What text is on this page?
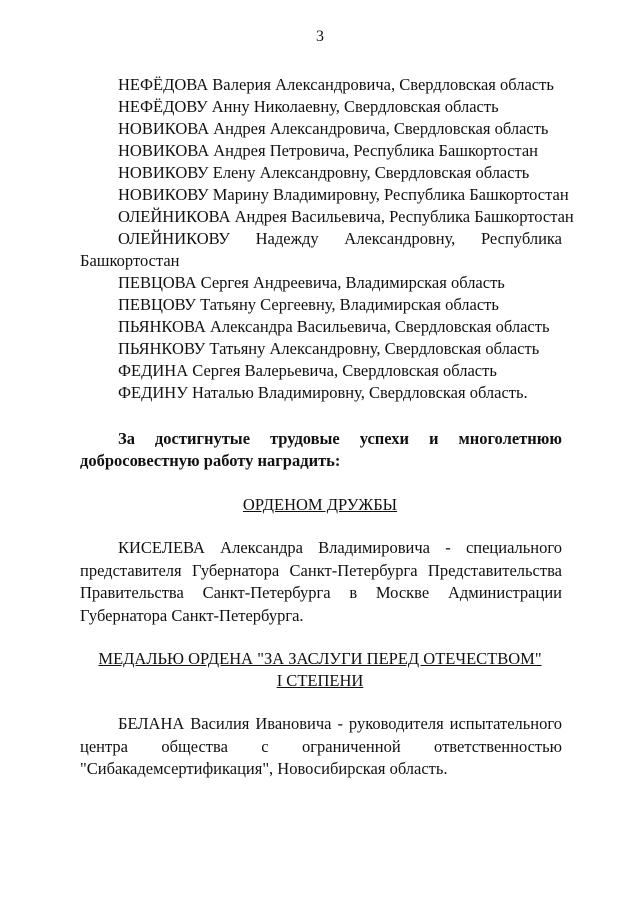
3
НЕФЁДОВА Валерия Александровича, Свердловская область
НЕФЁДОВУ Анну Николаевну, Свердловская область
НОВИКОВА Андрея Александровича, Свердловская область
НОВИКОВА Андрея Петровича, Республика Башкортостан
НОВИКОВУ Елену Александровну, Свердловская область
НОВИКОВУ Марину Владимировну, Республика Башкортостан
ОЛЕЙНИКОВА Андрея Васильевича, Республика Башкортостан
ОЛЕЙНИКОВУ Надежду Александровну, Республика
Башкортостан
ПЕВЦОВА Сергея Андреевича, Владимирская область
ПЕВЦОВУ Татьяну Сергеевну, Владимирская область
ПЬЯНКОВА Александра Васильевича, Свердловская область
ПЬЯНКОВУ Татьяну Александровну, Свердловская область
ФЕДИНА Сергея Валерьевича, Свердловская область
ФЕДИНУ Наталью Владимировну, Свердловская область.
За достигнутые трудовые успехи и многолетнюю добросовестную работу наградить:
ОРДЕНОМ ДРУЖБЫ
КИСЕЛЕВА Александра Владимировича - специального представителя Губернатора Санкт-Петербурга Представительства Правительства Санкт-Петербурга в Москве Администрации Губернатора Санкт-Петербурга.
МЕДАЛЬЮ ОРДЕНА "ЗА ЗАСЛУГИ ПЕРЕД ОТЕЧЕСТВОМ"
I СТЕПЕНИ
БЕЛАНА Василия Ивановича - руководителя испытательного центра общества с ограниченной ответственностью "Сибакадемсертификация", Новосибирская область.
